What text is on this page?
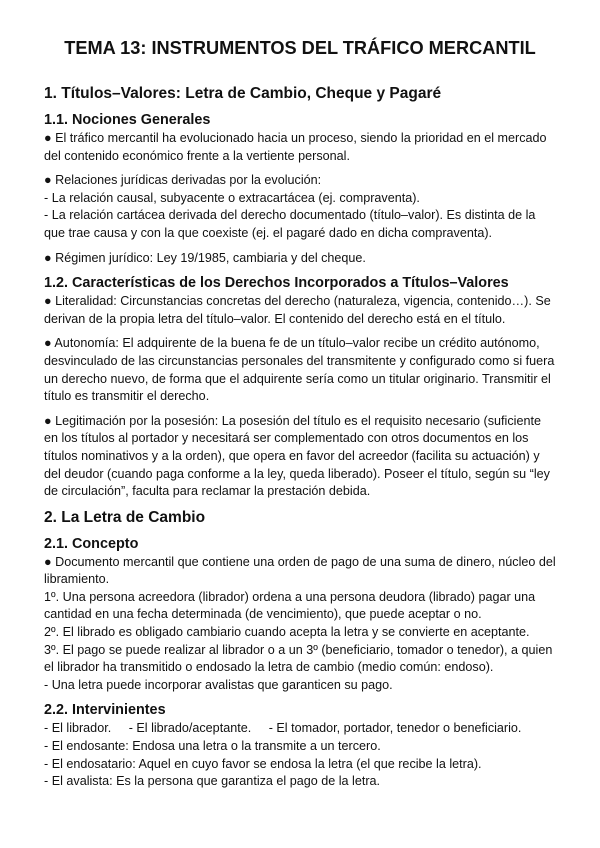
TEMA 13: INSTRUMENTOS DEL TRÁFICO MERCANTIL
1. Títulos–Valores: Letra de Cambio, Cheque y Pagaré
1.1. Nociones Generales

● El tráfico mercantil ha evolucionado hacia un proceso, siendo la prioridad en el mercado del contenido económico frente a la vertiente personal.

● Relaciones jurídicas derivadas por la evolución:

- La relación causal, subyacente o extracartácea (ej. compraventa).

- La relación cartácea derivada del derecho documentado (título–valor). Es distinta de la que trae causa y con la que coexiste (ej. el pagaré dado en dicha compraventa).

● Régimen jurídico: Ley 19/1985, cambiaria y del cheque.

1.2. Características de los Derechos Incorporados a Títulos–Valores

● Literalidad: Circunstancias concretas del derecho (naturaleza, vigencia, contenido…). Se derivan de la propia letra del título–valor. El contenido del derecho está en el título.

● Autonomía: El adquirente de la buena fe de un título–valor recibe un crédito autónomo, desvinculado de las circunstancias personales del transmitente y configurado como si fuera un derecho nuevo, de forma que el adquirente sería como un titular originario. Transmitir el título es transmitir el derecho.

● Legitimación por la posesión: La posesión del título es el requisito necesario (suficiente en los títulos al portador y necesitará ser complementado con otros documentos en los títulos nominativos y a la orden), que opera en favor del acreedor (facilita su actuación) y del deudor (cuando paga conforme a la ley, queda liberado). Poseer el título, según su “ley de circulación”, faculta para reclamar la prestación debida.

2. La Letra de Cambio
2.1. Concepto

● Documento mercantil que contiene una orden de pago de una suma de dinero, núcleo del libramiento.

1º. Una persona acreedora (librador) ordena a una persona deudora (librado) pagar una cantidad en una fecha determinada (de vencimiento), que puede aceptar o no.

2º. El librado es obligado cambiario cuando acepta la letra y se convierte en aceptante.

3º. El pago se puede realizar al librador o a un 3º (beneficiario, tomador o tenedor), a quien el librador ha transmitido o endosado la letra de cambio (medio común: endoso).

- Una letra puede incorporar avalistas que garanticen su pago.

2.2. Intervinientes

- El librador.     - El librado/aceptante.     - El tomador, portador, tenedor o beneficiario.

- El endosante: Endosa una letra o la transmite a un tercero.

- El endosatario: Aquel en cuyo favor se endosa la letra (el que recibe la letra).

- El avalista: Es la persona que garantiza el pago de la letra.
